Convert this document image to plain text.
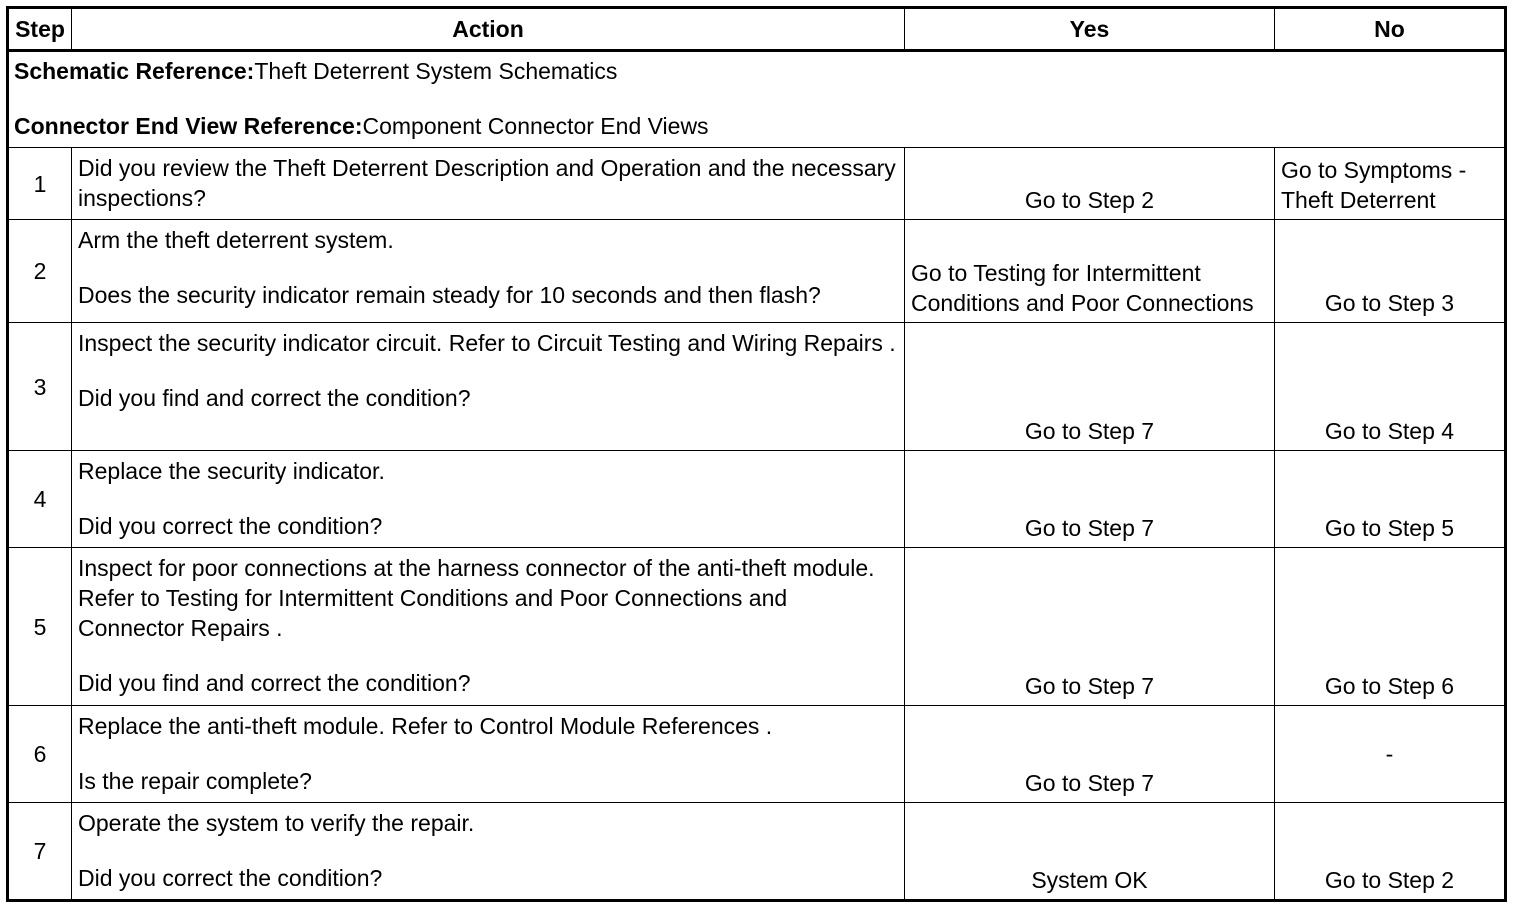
Step	Action	Yes	No

Schematic Reference:Theft Deterrent System Schematics

Connector End View Reference:Component Connector End Views			

1	Did you review the Theft Deterrent Description and Operation and the necessary inspections?	Go to Step 2	Go to Symptoms - Theft Deterrent
2	Arm the theft deterrent system.

Does the security indicator remain steady for 10 seconds and then flash?	Go to Testing for Intermittent Conditions and Poor Connections	Go to Step 3
3	Inspect the security indicator circuit. Refer to Circuit Testing and Wiring Repairs .

Did you find and correct the condition?	Go to Step 7	Go to Step 4
4	Replace the security indicator.

Did you correct the condition?	Go to Step 7	Go to Step 5
5	Inspect for poor connections at the harness connector of the anti-theft module. Refer to Testing for Intermittent Conditions and Poor Connections and Connector Repairs .

Did you find and correct the condition?	Go to Step 7	Go to Step 6
6	Replace the anti-theft module. Refer to Control Module References .

Is the repair complete?	Go to Step 7	-
7	Operate the system to verify the repair.

Did you correct the condition?	System OK	Go to Step 2
